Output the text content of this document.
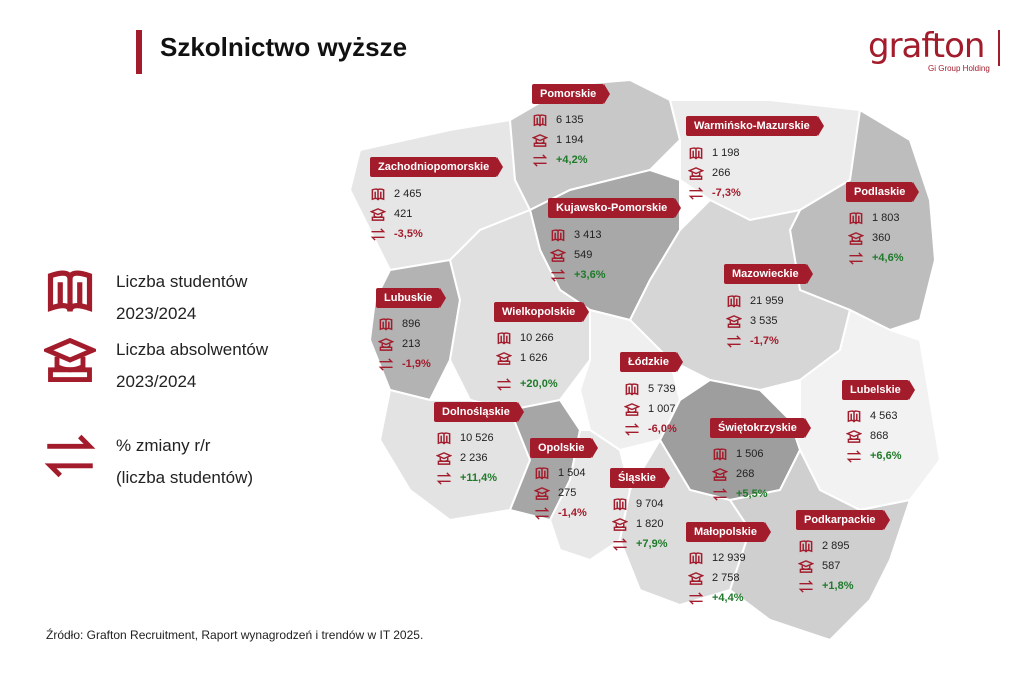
Szkolnictwo wyższe	grafton
Gi Group Holding
Liczba studentów
2023/2024
Liczba absolwentów
2023/2024
% zmiany r/r
(liczba studentów)
Pomorskie
6 135
1 194
+4,2%
Warmińsko-Mazurskie
1 198
266
-7,3%
Zachodniopomorskie
2 465
421
-3,5%
Podlaskie
1 803
360
+4,6%
Kujawsko-Pomorskie
3 413
549
+3,6%
Lubuskie
896
213
-1,9%
Wielkopolskie
10 266
1 626
+20,0%
Mazowieckie
21 959
3 535
-1,7%
Łódzkie
5 739
1 007
-6,0%
Lubelskie
4 563
868
+6,6%
Dolnośląskie
10 526
2 236
+11,4%
Opolskie
1 504
275
-1,4%
Śląskie
9 704
1 820
+7,9%
Świętokrzyskie
1 506
268
+5,5%
Małopolskie
12 939
2 758
+4,4%
Podkarpackie
2 895
587
+1,8%
Źródło: Grafton Recruitment, Raport wynagrodzeń i trendów w IT 2025.
